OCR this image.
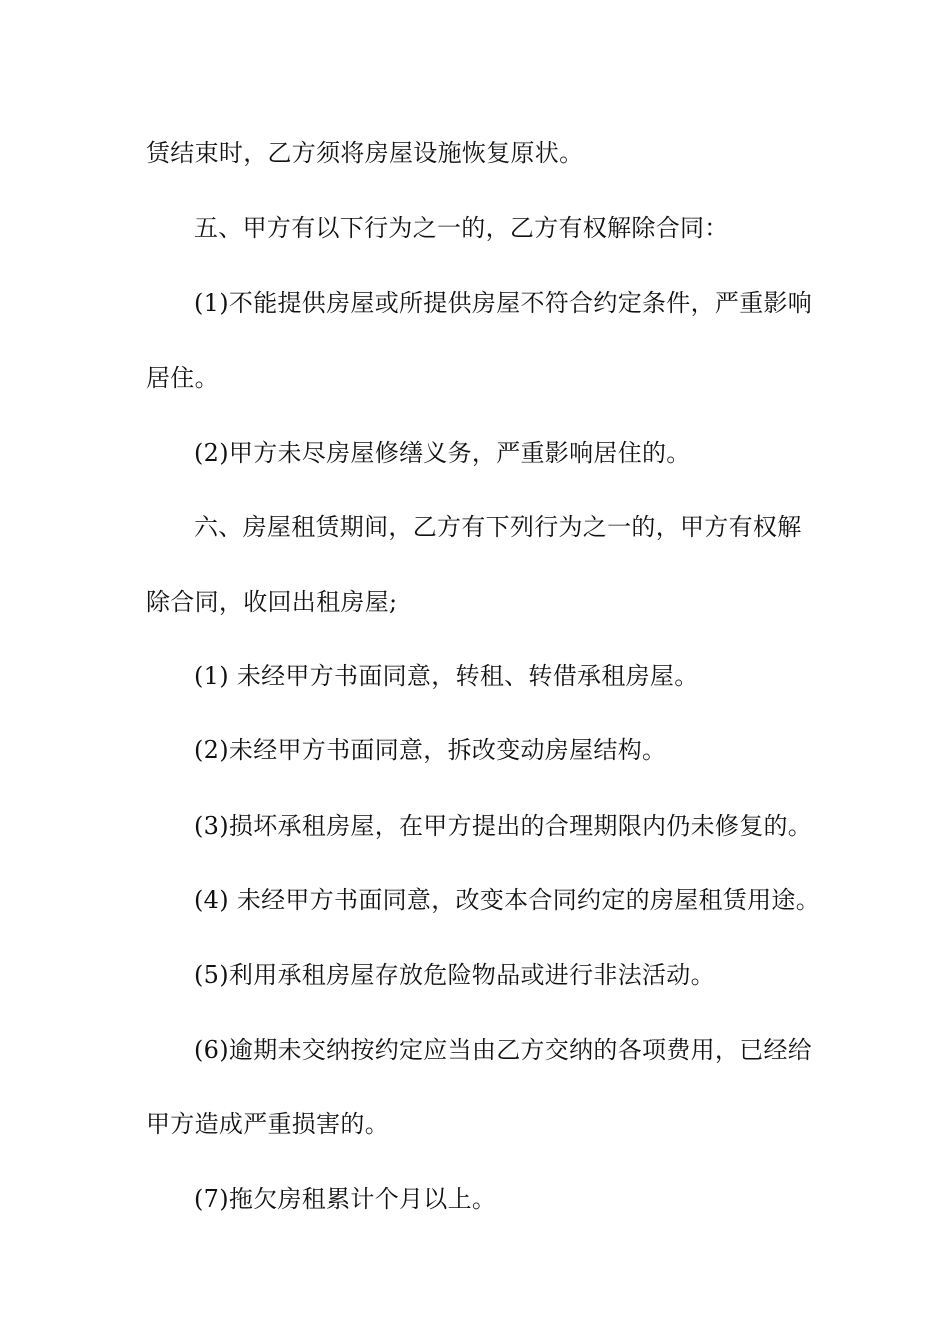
赁结束时，乙方须将房屋设施恢复原状。
五、甲方有以下行为之一的，乙方有权解除合同：
(1)不能提供房屋或所提供房屋不符合约定条件，严重影响
居住。
(2)甲方未尽房屋修缮义务，严重影响居住的。
六、房屋租赁期间，乙方有下列行为之一的，甲方有权解
除合同，收回出租房屋;
(1) 未经甲方书面同意，转租、转借承租房屋。
(2)未经甲方书面同意，拆改变动房屋结构。
(3)损坏承租房屋，在甲方提出的合理期限内仍未修复的。
(4) 未经甲方书面同意，改变本合同约定的房屋租赁用途。
(5)利用承租房屋存放危险物品或进行非法活动。
(6)逾期未交纳按约定应当由乙方交纳的各项费用，已经给
甲方造成严重损害的。
(7)拖欠房租累计个月以上。
